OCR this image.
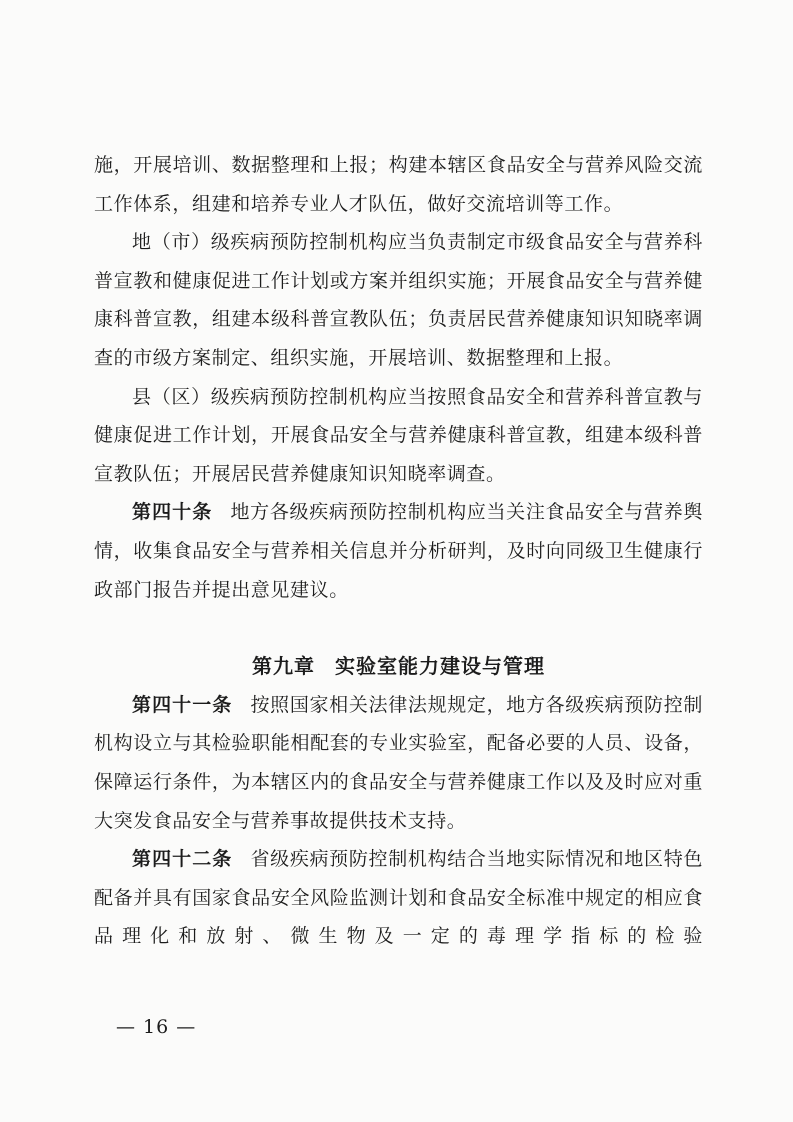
施，开展培训、数据整理和上报；构建本辖区食品安全与营养风险交流工作体系，组建和培养专业人才队伍，做好交流培训等工作。

地（市）级疾病预防控制机构应当负责制定市级食品安全与营养科普宣教和健康促进工作计划或方案并组织实施；开展食品安全与营养健康科普宣教，组建本级科普宣教队伍；负责居民营养健康知识知晓率调查的市级方案制定、组织实施，开展培训、数据整理和上报。

县（区）级疾病预防控制机构应当按照食品安全和营养科普宣教与健康促进工作计划，开展食品安全与营养健康科普宣教，组建本级科普宣教队伍；开展居民营养健康知识知晓率调查。

第四十条 地方各级疾病预防控制机构应当关注食品安全与营养舆情，收集食品安全与营养相关信息并分析研判，及时向同级卫生健康行政部门报告并提出意见建议。

第九章 实验室能力建设与管理

第四十一条 按照国家相关法律法规规定，地方各级疾病预防控制机构设立与其检验职能相配套的专业实验室，配备必要的人员、设备，保障运行条件，为本辖区内的食品安全与营养健康工作以及及时应对重大突发食品安全与营养事故提供技术支持。

第四十二条 省级疾病预防控制机构结合当地实际情况和地区特色配备并具有国家食品安全风险监测计划和食品安全标准中规定的相应食品理化和放射、微生物及一定的毒理学指标的检验

— 16 —
